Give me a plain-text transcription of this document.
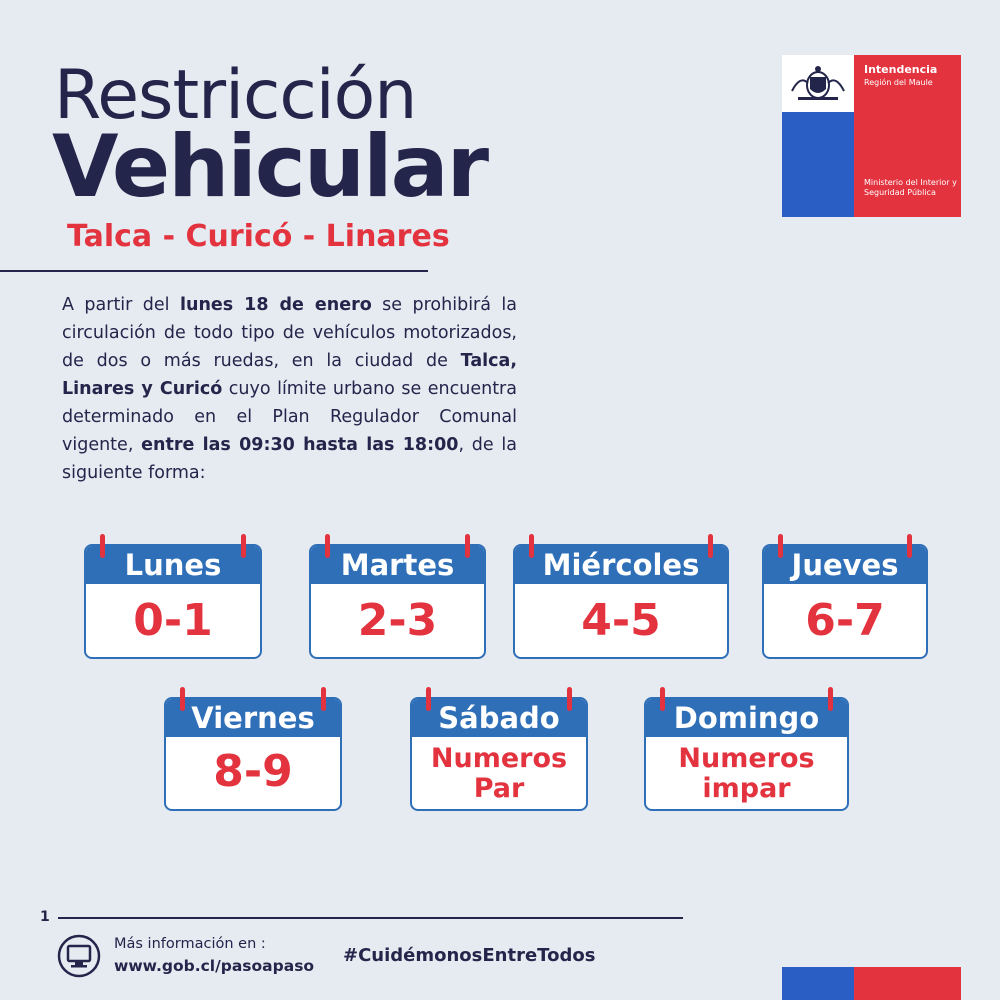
Restricción
Vehicular
Talca - Curicó - Linares
Intendencia
Región del Maule
Ministerio del Interior y Seguridad Pública
A partir del lunes 18 de enero se prohibirá la circulación de todo tipo de vehículos motorizados, de dos o más ruedas, en la ciudad de Talca, Linares y Curicó cuyo límite urbano se encuentra determinado en el Plan Regulador Comunal vigente, entre las 09:30 hasta las 18:00, de la siguiente forma:
Lunes
0-1
Martes
2-3
Miércoles
4-5
Jueves
6-7
Viernes
8-9
Sábado
Numeros Par
Domingo
Numeros impar
1
Más información en :
www.gob.cl/pasoapaso #CuidémonosEntreTodos
